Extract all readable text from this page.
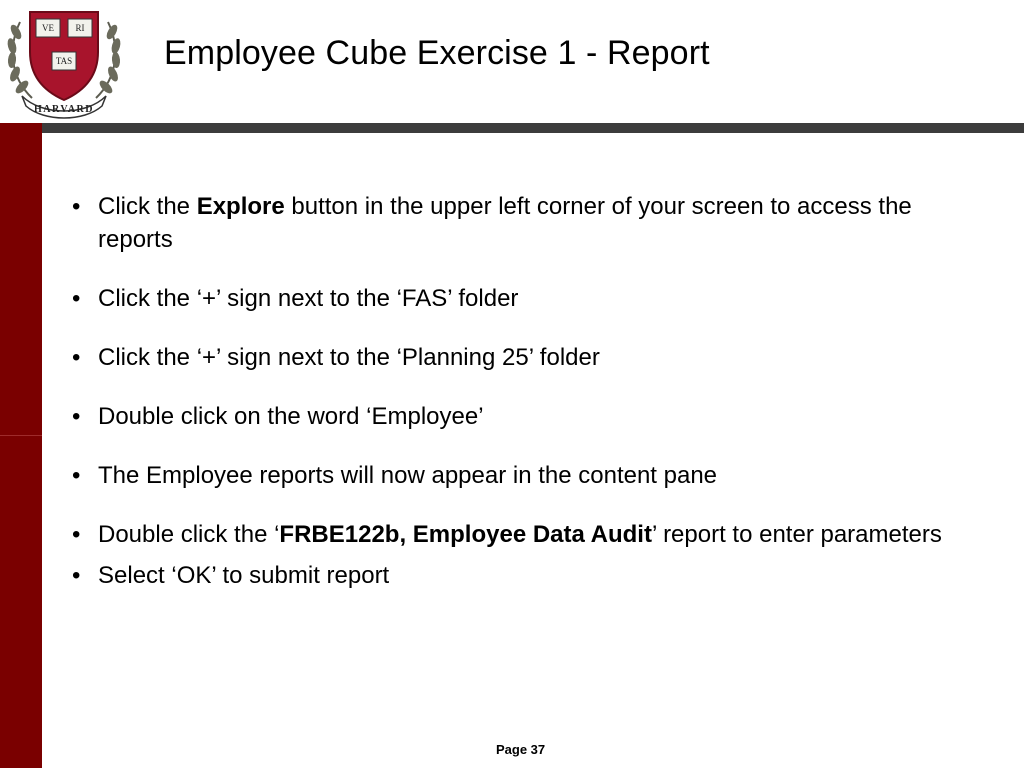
VE RI
TAS
HARVARD
Employee Cube Exercise 1 - Report
• Click the Explore button in the upper left corner of your screen to access the reports
• Click the ‘+’ sign next to the ‘FAS’ folder
• Click the ‘+’ sign next to the ‘Planning 25’ folder
• Double click on the word ‘Employee’
• The Employee reports will now appear in the content pane
• Double click the ‘FRBE122b, Employee Data Audit’ report to enter parameters
• Select ‘OK’ to submit report
Page 37
